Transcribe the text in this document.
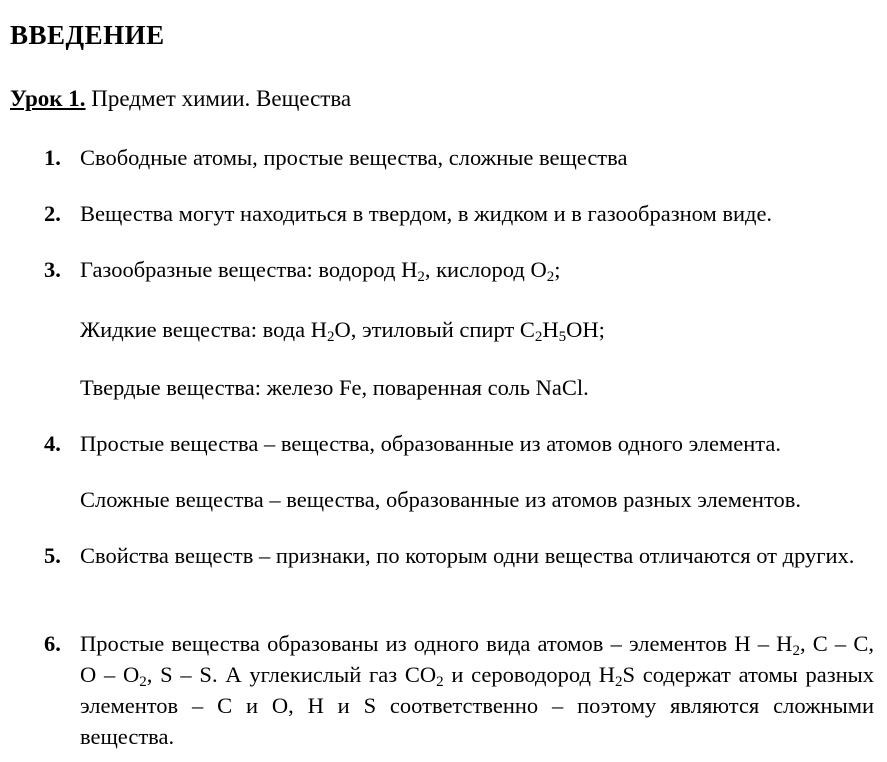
ВВЕДЕНИЕ
Урок 1. Предмет химии. Вещества
1. Свободные атомы, простые вещества, сложные вещества
2. Вещества могут находиться в твердом, в жидком и в газообразном виде.
3. Газообразные вещества: водород $H_2$, кислород $O_2$;
Жидкие вещества: вода $H_2O$, этиловый спирт $C_2H_5OH$;
Твердые вещества: железо Fe, поваренная соль NaCl.
4. Простые вещества – вещества, образованные из атомов одного элемента.
Сложные вещества – вещества, образованные из атомов разных элементов.
5. Свойства веществ – признаки, по которым одни вещества отличаются от других.
6. Простые вещества образованы из одного вида атомов – элементов H – $H_2$, C – C, O – $O_2$, S – S. А углекислый газ $CO_2$ и сероводород $H_2S$ содержат атомы разных элементов – C и O, H и S соответственно – поэтому являются сложными вещества.
